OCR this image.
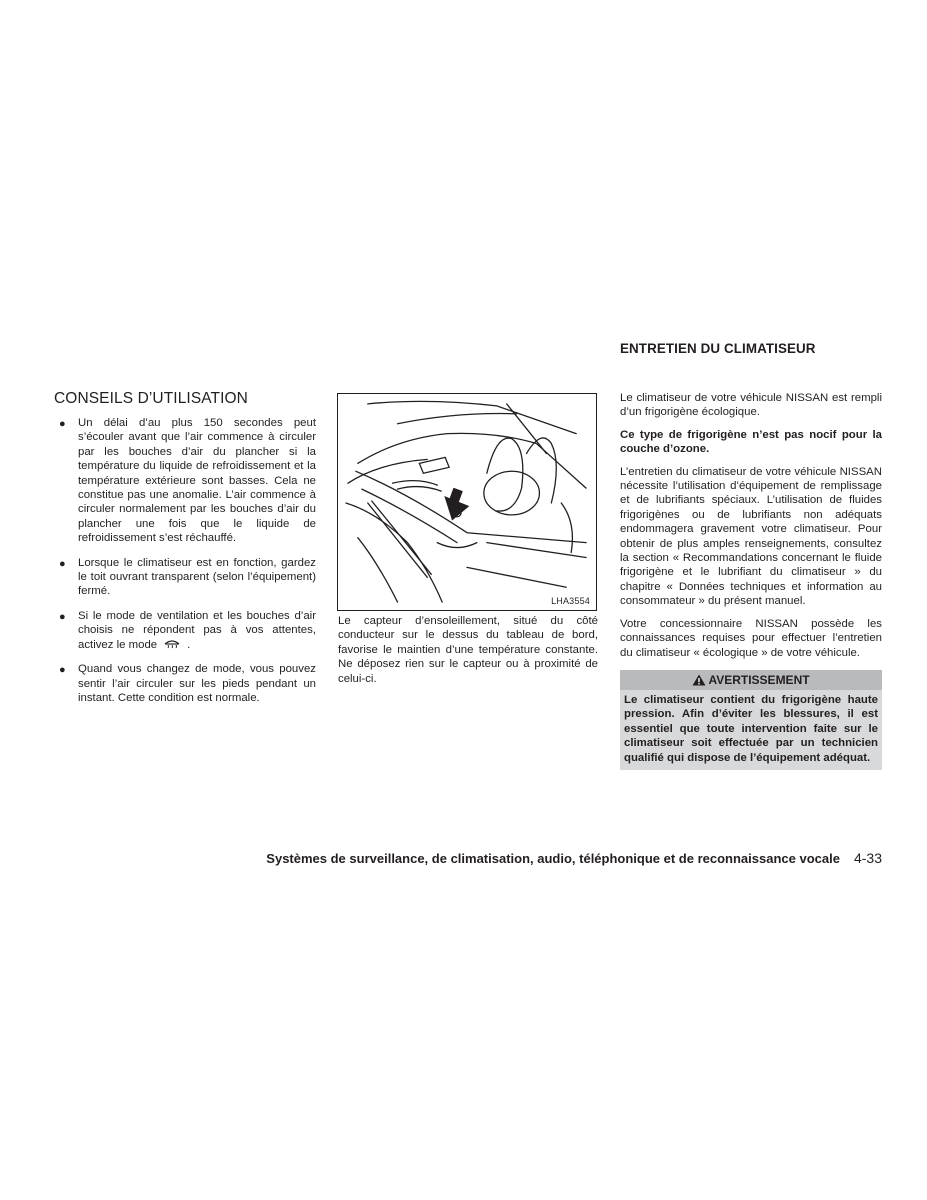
CONSEILS D’UTILISATION
● Un délai d’au plus 150 secondes peut s’écouler avant que l’air commence à circuler par les bouches d’air du plancher si la température du liquide de refroidissement et la température extérieure sont basses. Cela ne constitue pas une anomalie. L’air commence à circuler normalement par les bouches d’air du plancher une fois que le liquide de refroidissement s’est réchauffé.
● Lorsque le climatiseur est en fonction, gardez le toit ouvrant transparent (selon l’équipement) fermé.
● Si le mode de ventilation et les bouches d’air choisis ne répondent pas à vos attentes, activez le mode	.
● Quand vous changez de mode, vous pouvez sentir l’air circuler sur les pieds pendant un instant. Cette condition est normale.
LHA3554
Le capteur d’ensoleillement, situé du côté conducteur sur le dessus du tableau de bord, favorise le maintien d’une température constante. Ne déposez rien sur le capteur ou à proximité de celui-ci.
ENTRETIEN DU CLIMATISEUR

Le climatiseur de votre véhicule NISSAN est rempli d’un frigorigène écologique.

Ce type de frigorigène n’est pas nocif pour la couche d’ozone.

L’entretien du climatiseur de votre véhicule NISSAN nécessite l’utilisation d’équipement de remplissage et de lubrifiants spéciaux. L’utilisation de fluides frigorigènes ou de lubrifiants non adéquats endommagera gravement votre climatiseur. Pour obtenir de plus amples renseignements, consultez la section « Recommandations concernant le fluide frigorigène et le lubrifiant du climatiseur » du chapitre « Données techniques et information au consommateur » du présent manuel.

Votre concessionnaire NISSAN possède les connaissances requises pour effectuer l’entretien du climatiseur « écologique » de votre véhicule.

AVERTISSEMENT
Le climatiseur contient du frigorigène haute pression. Afin d’éviter les blessures, il est essentiel que toute intervention faite sur le climatiseur soit effectuée par un technicien qualifié qui dispose de l’équipement adéquat.
Systèmes de surveillance, de climatisation, audio, téléphonique et de reconnaissance vocale 4-33
